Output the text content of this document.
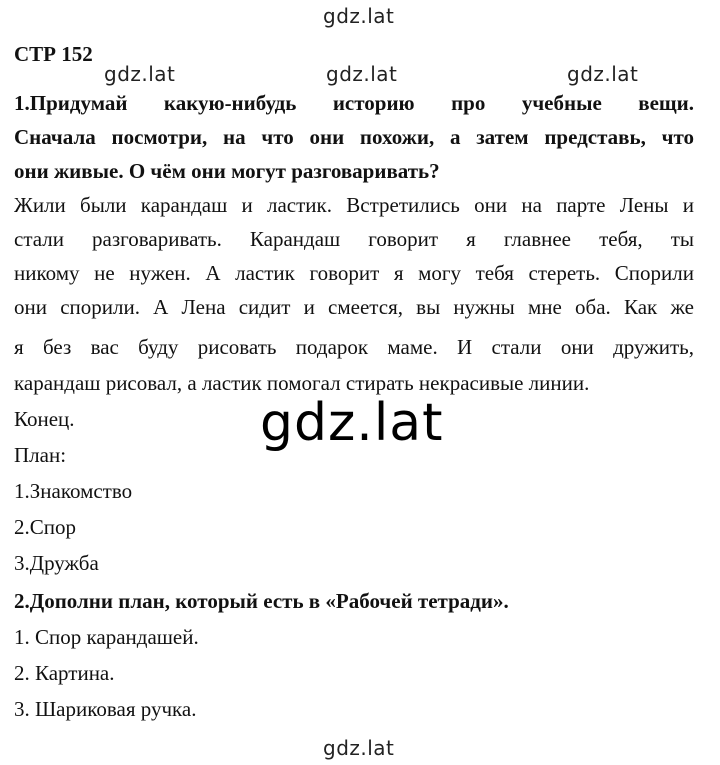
gdz.lat
gdz.lat	gdz.lat	gdz.lat
СТР 152
1.Придумай какую-нибудь историю про учебные вещи.
Сначала посмотри, на что они похожи, а затем представь, что
они живые. О чём они могут разговаривать?
Жили были карандаш и ластик. Встретились они на парте Лены и
стали разговаривать. Карандаш говорит я главнее тебя, ты
никому не нужен. А ластик говорит я могу тебя стереть. Спорили
они спорили. А Лена сидит и смеется, вы нужны мне оба. Как же
я без вас буду рисовать подарок маме. И стали они дружить,
карандаш рисовал, а ластик помогал стирать некрасивые линии.
Конец.	gdz.lat
План:
1.Знакомство
2.Спор
3.Дружба
2.Дополни план, который есть в «Рабочей тетради».
1. Спор карандашей.
2. Картина.
3. Шариковая ручка.
gdz.lat
